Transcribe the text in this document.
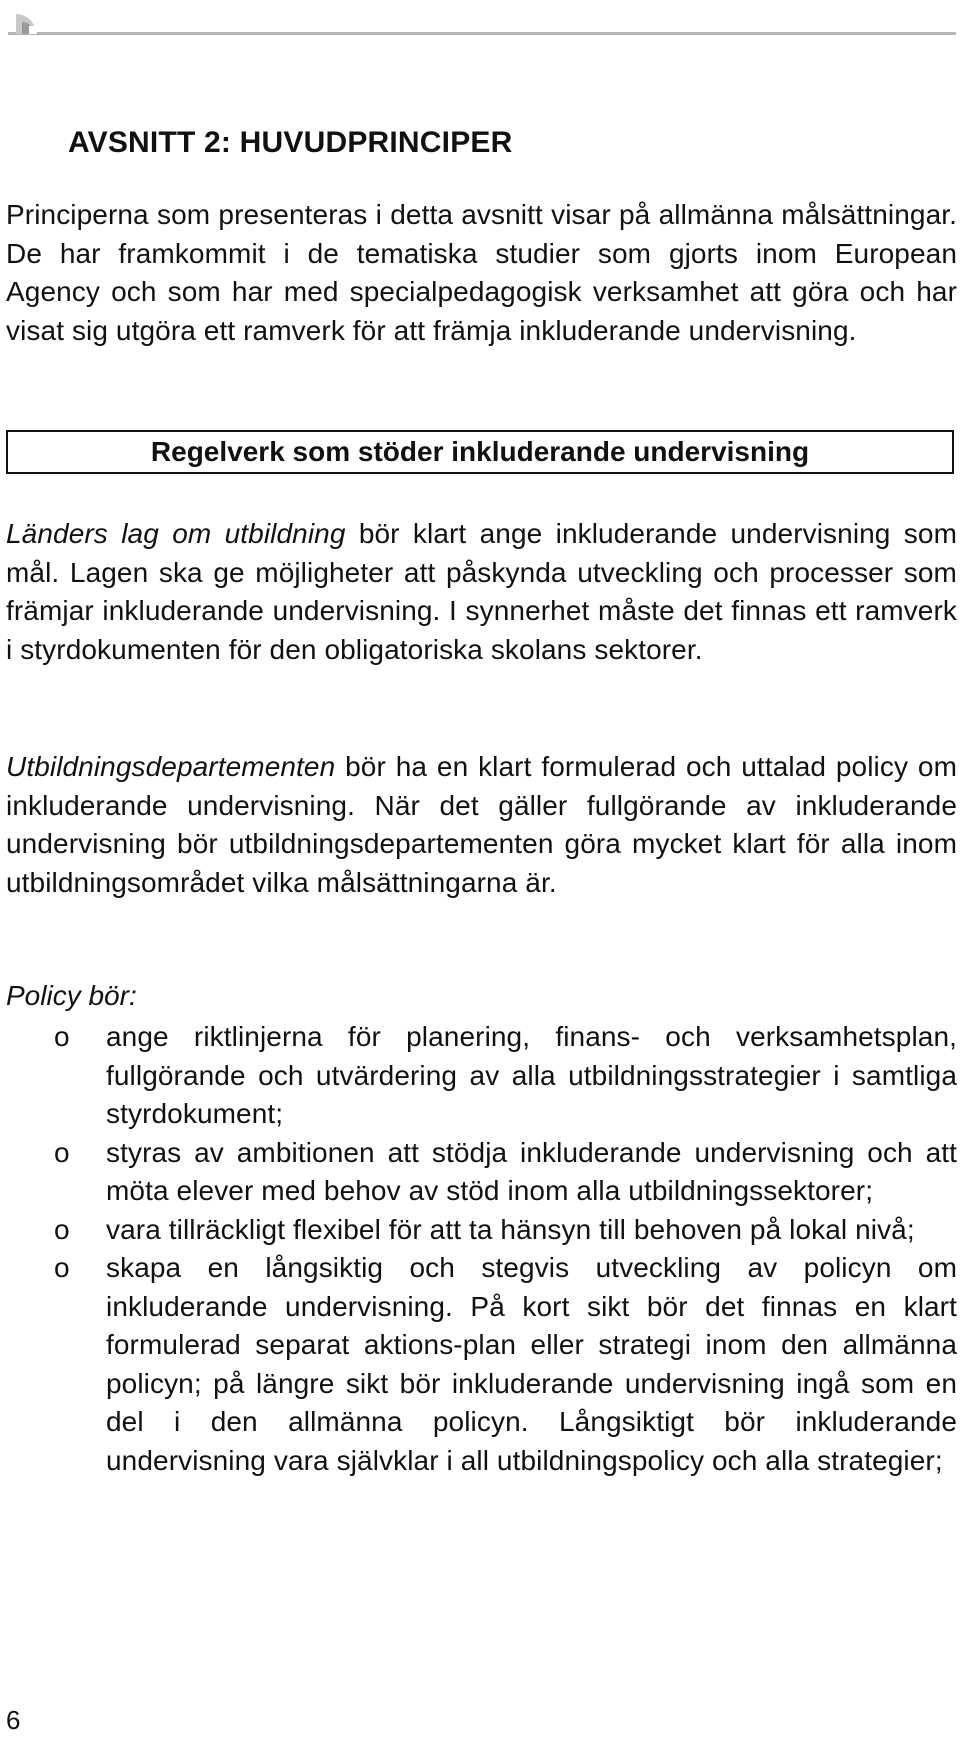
AVSNITT 2: HUVUDPRINCIPER

Principerna som presenteras i detta avsnitt visar på allmänna målsättningar. De har framkommit i de tematiska studier som gjorts inom European Agency och som har med specialpedagogisk verksamhet att göra och har visat sig utgöra ett ramverk för att främja inkluderande undervisning.

Regelverk som stöder inkluderande undervisning

Länders lag om utbildning bör klart ange inkluderande undervisning som mål. Lagen ska ge möjligheter att påskynda utveckling och processer som främjar inkluderande undervisning. I synnerhet måste det finnas ett ramverk i styrdokumenten för den obligatoriska skolans sektorer.

Utbildningsdepartementen bör ha en klart formulerad och uttalad policy om inkluderande undervisning. När det gäller fullgörande av inkluderande undervisning bör utbildningsdepartementen göra mycket klart för alla inom utbildningsområdet vilka målsättningarna är.

Policy bör:

o ange riktlinjerna för planering, finans- och verksamhetsplan, fullgörande och utvärdering av alla utbildningsstrategier i samtliga styrdokument;
o styras av ambitionen att stödja inkluderande undervisning och att möta elever med behov av stöd inom alla utbildningssektorer;
o vara tillräckligt flexibel för att ta hänsyn till behoven på lokal nivå;
o skapa en långsiktig och stegvis utveckling av policyn om inkluderande undervisning. På kort sikt bör det finnas en klart formulerad separat aktions-plan eller strategi inom den allmänna policyn; på längre sikt bör inkluderande undervisning ingå som en del i den allmänna policyn. Långsiktigt bör inkluderande undervisning vara självklar i all utbildningspolicy och alla strategier;

6
